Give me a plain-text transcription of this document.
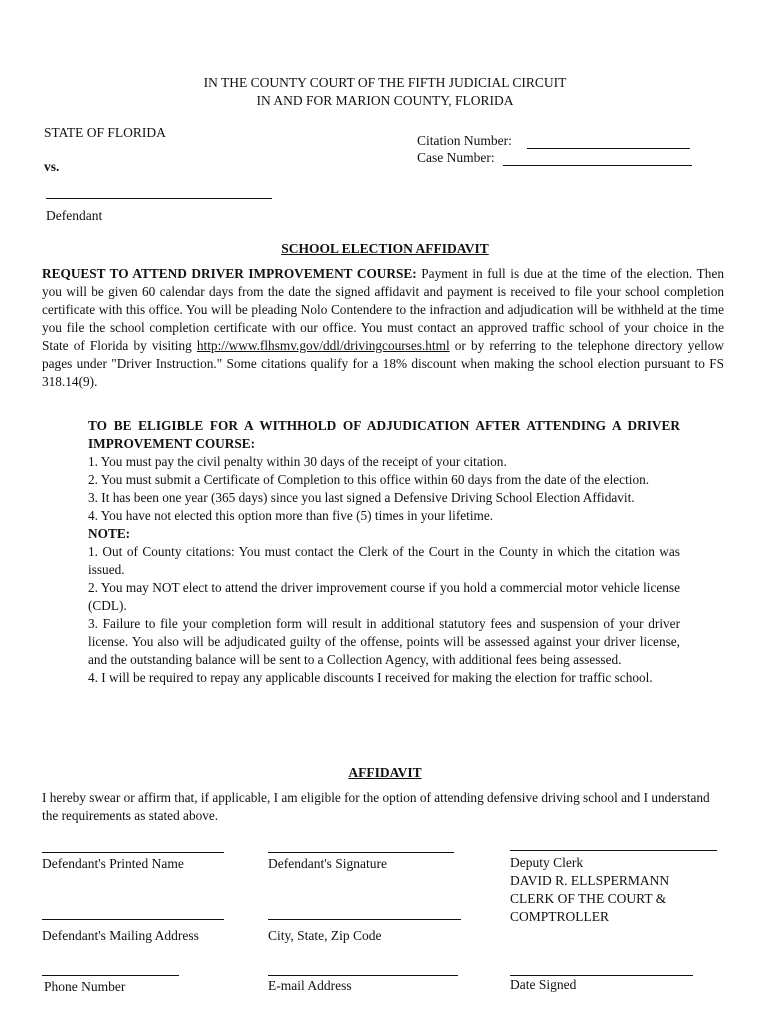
IN THE COUNTY COURT OF THE FIFTH JUDICIAL CIRCUIT
IN AND FOR MARION COUNTY, FLORIDA
STATE OF FLORIDA
vs.
Citation Number:
Case Number:
Defendant
SCHOOL ELECTION AFFIDAVIT
REQUEST TO ATTEND DRIVER IMPROVEMENT COURSE: Payment in full is due at the time of the election. Then you will be given 60 calendar days from the date the signed affidavit and payment is received to file your school completion certificate with this office. You will be pleading Nolo Contendere to the infraction and adjudication will be withheld at the time you file the school completion certificate with our office. You must contact an approved traffic school of your choice in the State of Florida by visiting http://www.flhsmv.gov/ddl/drivingcourses.html or by referring to the telephone directory yellow pages under "Driver Instruction." Some citations qualify for a 18% discount when making the school election pursuant to FS 318.14(9).

TO BE ELIGIBLE FOR A WITHHOLD OF ADJUDICATION AFTER ATTENDING A DRIVER IMPROVEMENT COURSE:

1. You must pay the civil penalty within 30 days of the receipt of your citation.

2. You must submit a Certificate of Completion to this office within 60 days from the date of the election.

3. It has been one year (365 days) since you last signed a Defensive Driving School Election Affidavit.

4. You have not elected this option more than five (5) times in your lifetime.

NOTE:

1. Out of County citations: You must contact the Clerk of the Court in the County in which the citation was issued.

2. You may NOT elect to attend the driver improvement course if you hold a commercial motor vehicle license (CDL).

3. Failure to file your completion form will result in additional statutory fees and suspension of your driver license. You also will be adjudicated guilty of the offense, points will be assessed against your driver license, and the outstanding balance will be sent to a Collection Agency, with additional fees being assessed.

4. I will be required to repay any applicable discounts I received for making the election for traffic school.

AFFIDAVIT
I hereby swear or affirm that, if applicable, I am eligible for the option of attending defensive driving school and I understand the requirements as stated above.
Defendant's Printed Name	Defendant's Signature	Deputy Clerk
DAVID R. ELLSPERMANN
CLERK OF THE COURT &
COMPTROLLER
Defendant's Mailing Address	City, State, Zip Code
Phone Number	E-mail Address	Date Signed
